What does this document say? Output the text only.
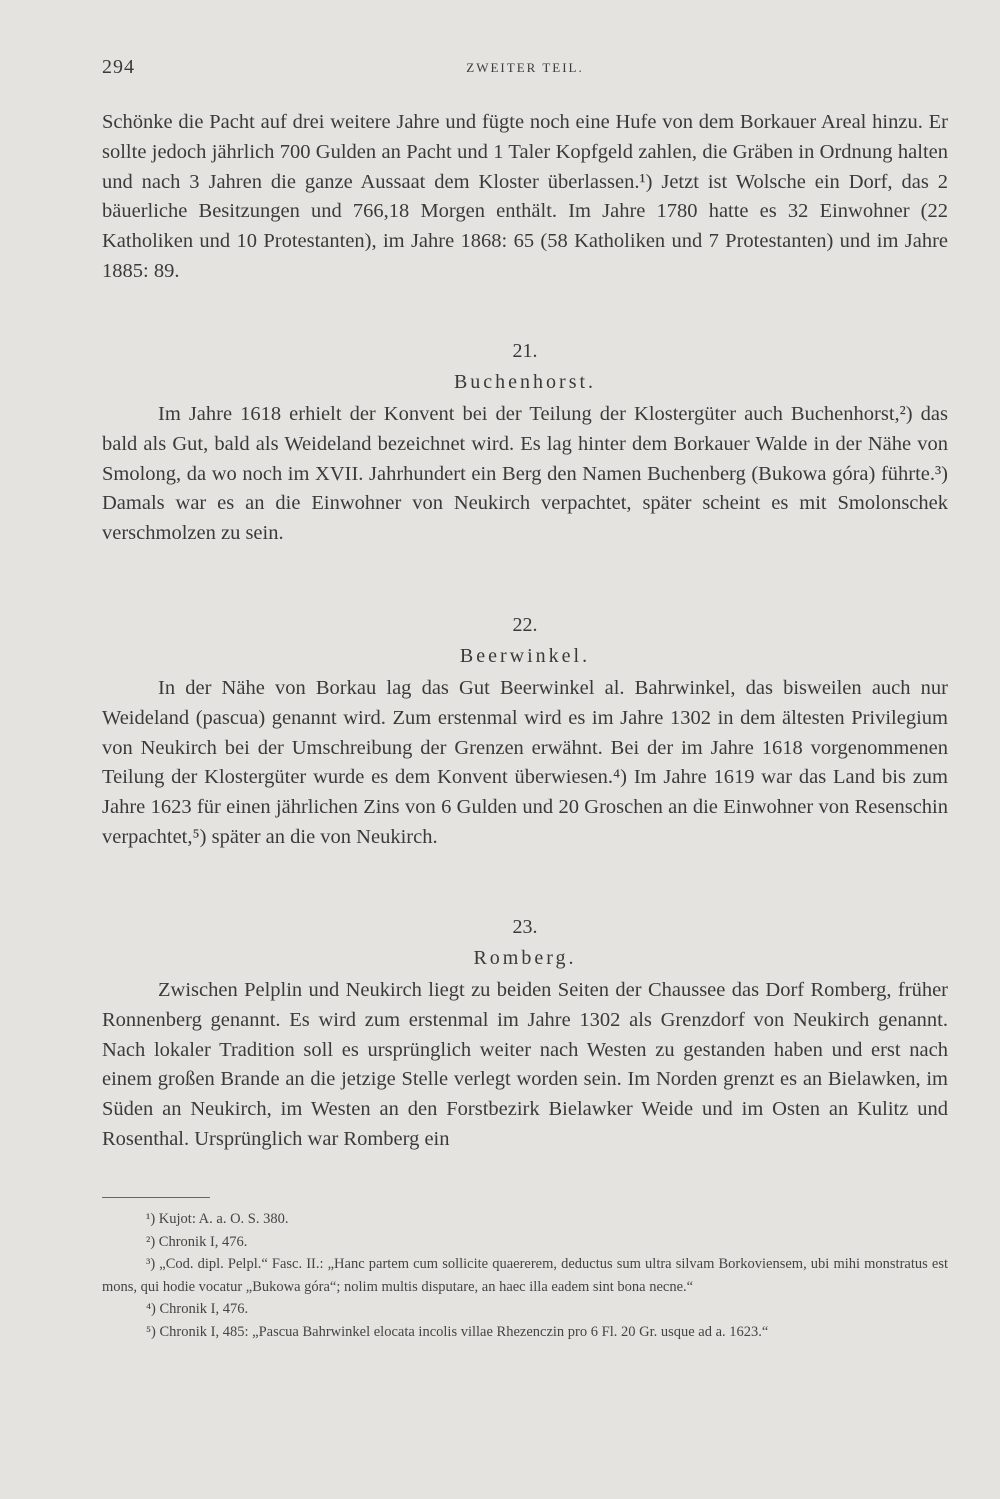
294	ZWEITER TEIL.

Schönke die Pacht auf drei weitere Jahre und fügte noch eine Hufe von dem Borkauer Areal hinzu. Er sollte jedoch jährlich 700 Gulden an Pacht und 1 Taler Kopfgeld zahlen, die Gräben in Ordnung halten und nach 3 Jahren die ganze Aussaat dem Kloster überlassen.¹) Jetzt ist Wolsche ein Dorf, das 2 bäuerliche Besitzungen und 766,18 Morgen enthält. Im Jahre 1780 hatte es 32 Einwohner (22 Katholiken und 10 Protestanten), im Jahre 1868: 65 (58 Katholiken und 7 Protestanten) und im Jahre 1885: 89.

21.

Buchenhorst.

Im Jahre 1618 erhielt der Konvent bei der Teilung der Klostergüter auch Buchenhorst,²) das bald als Gut, bald als Weideland bezeichnet wird. Es lag hinter dem Borkauer Walde in der Nähe von Smolong, da wo noch im XVII. Jahrhundert ein Berg den Namen Buchenberg (Bukowa góra) führte.³) Damals war es an die Einwohner von Neukirch verpachtet, später scheint es mit Smolonschek verschmolzen zu sein.

22.

Beerwinkel.

In der Nähe von Borkau lag das Gut Beerwinkel al. Bahrwinkel, das bisweilen auch nur Weideland (pascua) genannt wird. Zum erstenmal wird es im Jahre 1302 in dem ältesten Privilegium von Neukirch bei der Umschreibung der Grenzen erwähnt. Bei der im Jahre 1618 vorgenommenen Teilung der Klostergüter wurde es dem Konvent überwiesen.⁴) Im Jahre 1619 war das Land bis zum Jahre 1623 für einen jährlichen Zins von 6 Gulden und 20 Groschen an die Einwohner von Resenschin verpachtet,⁵) später an die von Neukirch.

23.

Romberg.

Zwischen Pelplin und Neukirch liegt zu beiden Seiten der Chaussee das Dorf Romberg, früher Ronnenberg genannt. Es wird zum erstenmal im Jahre 1302 als Grenzdorf von Neukirch genannt. Nach lokaler Tradition soll es ursprünglich weiter nach Westen zu gestanden haben und erst nach einem großen Brande an die jetzige Stelle verlegt worden sein. Im Norden grenzt es an Bielawken, im Süden an Neukirch, im Westen an den Forstbezirk Bielawker Weide und im Osten an Kulitz und Rosenthal. Ursprünglich war Romberg ein

¹) Kujot: A. a. O. S. 380.

²) Chronik I, 476.

³) „Cod. dipl. Pelpl.“ Fasc. II.: „Hanc partem cum sollicite quaererem, deductus sum ultra silvam Borkoviensem, ubi mihi monstratus est mons, qui hodie vocatur „Bukowa góra“; nolim multis disputare, an haec illa eadem sint bona necne.“

⁴) Chronik I, 476.

⁵) Chronik I, 485: „Pascua Bahrwinkel elocata incolis villae Rhezenczin pro 6 Fl. 20 Gr. usque ad a. 1623.“
